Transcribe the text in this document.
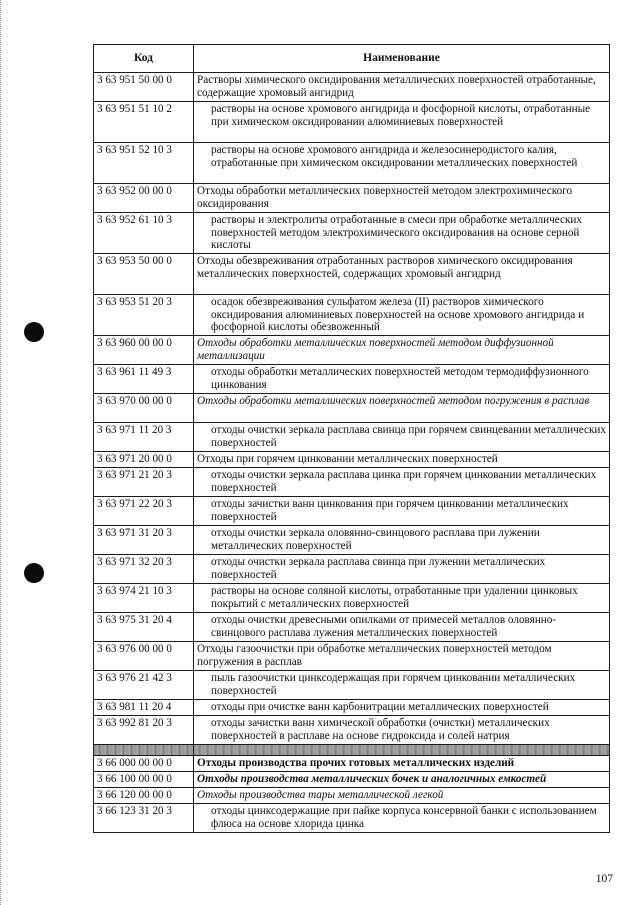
Код	Наименование
3 63 951 50 00 0	Растворы химического оксидирования металлических поверхностей отработанные, содержащие хромовый ангидрид
3 63 951 51 10 2	растворы на основе хромового ангидрида и фосфорной кислоты, отработанные при химическом оксидировании алюминиевых поверхностей
3 63 951 52 10 3	растворы на основе хромового ангидрида и железосинеродистого калия, отработанные при химическом оксидировании металлических поверхностей
3 63 952 00 00 0	Отходы обработки металлических поверхностей методом электрохимического оксидирования
3 63 952 61 10 3	растворы и электролиты отработанные в смеси при обработке металлических поверхностей методом электрохимического оксидирования на основе серной кислоты
3 63 953 50 00 0	Отходы обезвреживания отработанных растворов химического оксидирования металлических поверхностей, содержащих хромовый ангидрид
3 63 953 51 20 3	осадок обезвреживания сульфатом железа (II) растворов химического оксидирования алюминиевых поверхностей на основе хромового ангидрида и фосфорной кислоты обезвоженный
3 63 960 00 00 0	Отходы обработки металлических поверхностей методом диффузионной металлизации
3 63 961 11 49 3	отходы обработки металлических поверхностей методом термодиффузионного цинкования
3 63 970 00 00 0	Отходы обработки металлических поверхностей методом погружения в расплав
3 63 971 11 20 3	отходы очистки зеркала расплава свинца при горячем свинцевании металлических поверхностей
3 63 971 20 00 0	Отходы при горячем цинковании металлических поверхностей
3 63 971 21 20 3	отходы очистки зеркала расплава цинка при горячем цинковании металлических поверхностей
3 63 971 22 20 3	отходы зачистки ванн цинкования при горячем цинковании металлических поверхностей
3 63 971 31 20 3	отходы очистки зеркала оловянно-свинцового расплава при лужении металлических поверхностей
3 63 971 32 20 3	отходы очистки зеркала расплава свинца при лужении металлических поверхностей
3 63 974 21 10 3	растворы на основе соляной кислоты, отработанные при удалении цинковых покрытий с металлических поверхностей
3 63 975 31 20 4	отходы очистки древесными опилками от примесей металлов оловянно-свинцового расплава лужения металлических поверхностей
3 63 976 00 00 0	Отходы газоочистки при обработке металлических поверхностей методом погружения в расплав
3 63 976 21 42 3	пыль газоочистки цинксодержащая при горячем цинковании металлических поверхностей
3 63 981 11 20 4	отходы при очистке ванн карбонитрации металлических поверхностей
3 63 992 81 20 3	отходы зачистки ванн химической обработки (очистки) металлических поверхностей в расплаве на основе гидроксида и солей натрия

3 66 000 00 00 0	Отходы производства прочих готовых металлических изделий
3 66 100 00 00 0	Отходы производства металлических бочек и аналогичных емкостей
3 66 120 00 00 0	Отходы производства тары металлической легкой
3 66 123 31 20 3	отходы цинксодержащие при пайке корпуса консервной банки с использованием флюса на основе хлорида цинка
107
